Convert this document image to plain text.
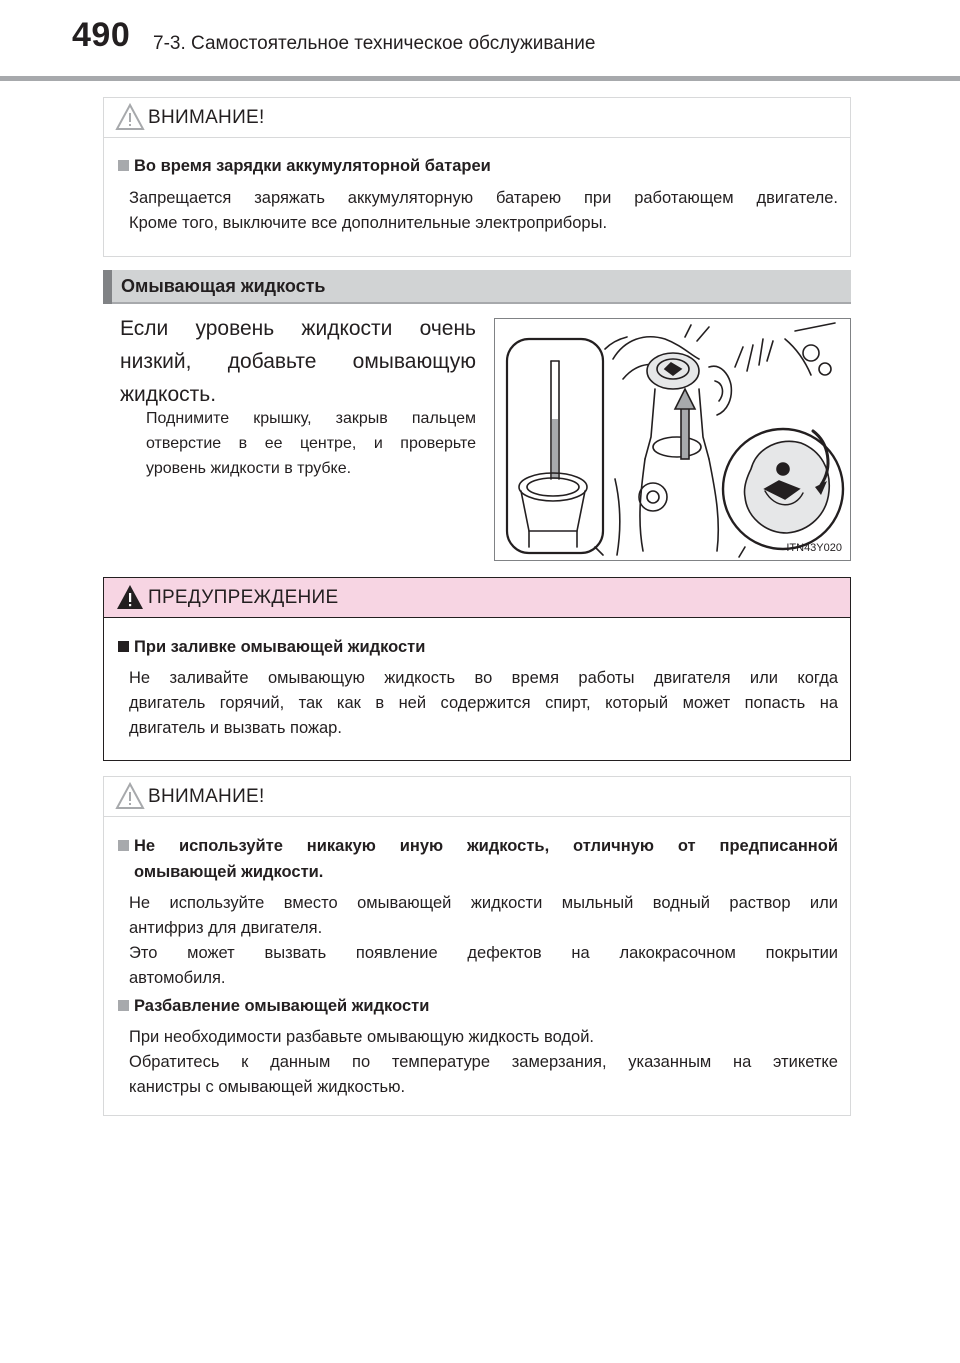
490 7-3. Самостоятельное техническое обслуживание
ВНИМАНИЕ!
Во время зарядки аккумуляторной батареи
Запрещается заряжать аккумуляторную батарею при работающем двигателе.
Кроме того, выключите все дополнительные электроприборы.
Омывающая жидкость
Если уровень жидкости очень
низкий, добавьте омывающую
жидкость.
Поднимите крышку, закрыв пальцем
отверстие в ее центре, и проверьте
уровень жидкости в трубке.
ITN43Y020
ПРЕДУПРЕЖДЕНИЕ
При заливке омывающей жидкости
Не заливайте омывающую жидкость во время работы двигателя или когда
двигатель горячий, так как в ней содержится спирт, который может попасть на
двигатель и вызвать пожар.
ВНИМАНИЕ!
Не используйте никакую иную жидкость, отличную от предписанной
омывающей жидкости.
Не используйте вместо омывающей жидкости мыльный водный раствор или
антифриз для двигателя.

Это может вызвать появление дефектов на лакокрасочном покрытии
автомобиля.
Разбавление омывающей жидкости
При необходимости разбавьте омывающую жидкость водой.

Обратитесь к данным по температуре замерзания, указанным на этикетке
канистры с омывающей жидкостью.
